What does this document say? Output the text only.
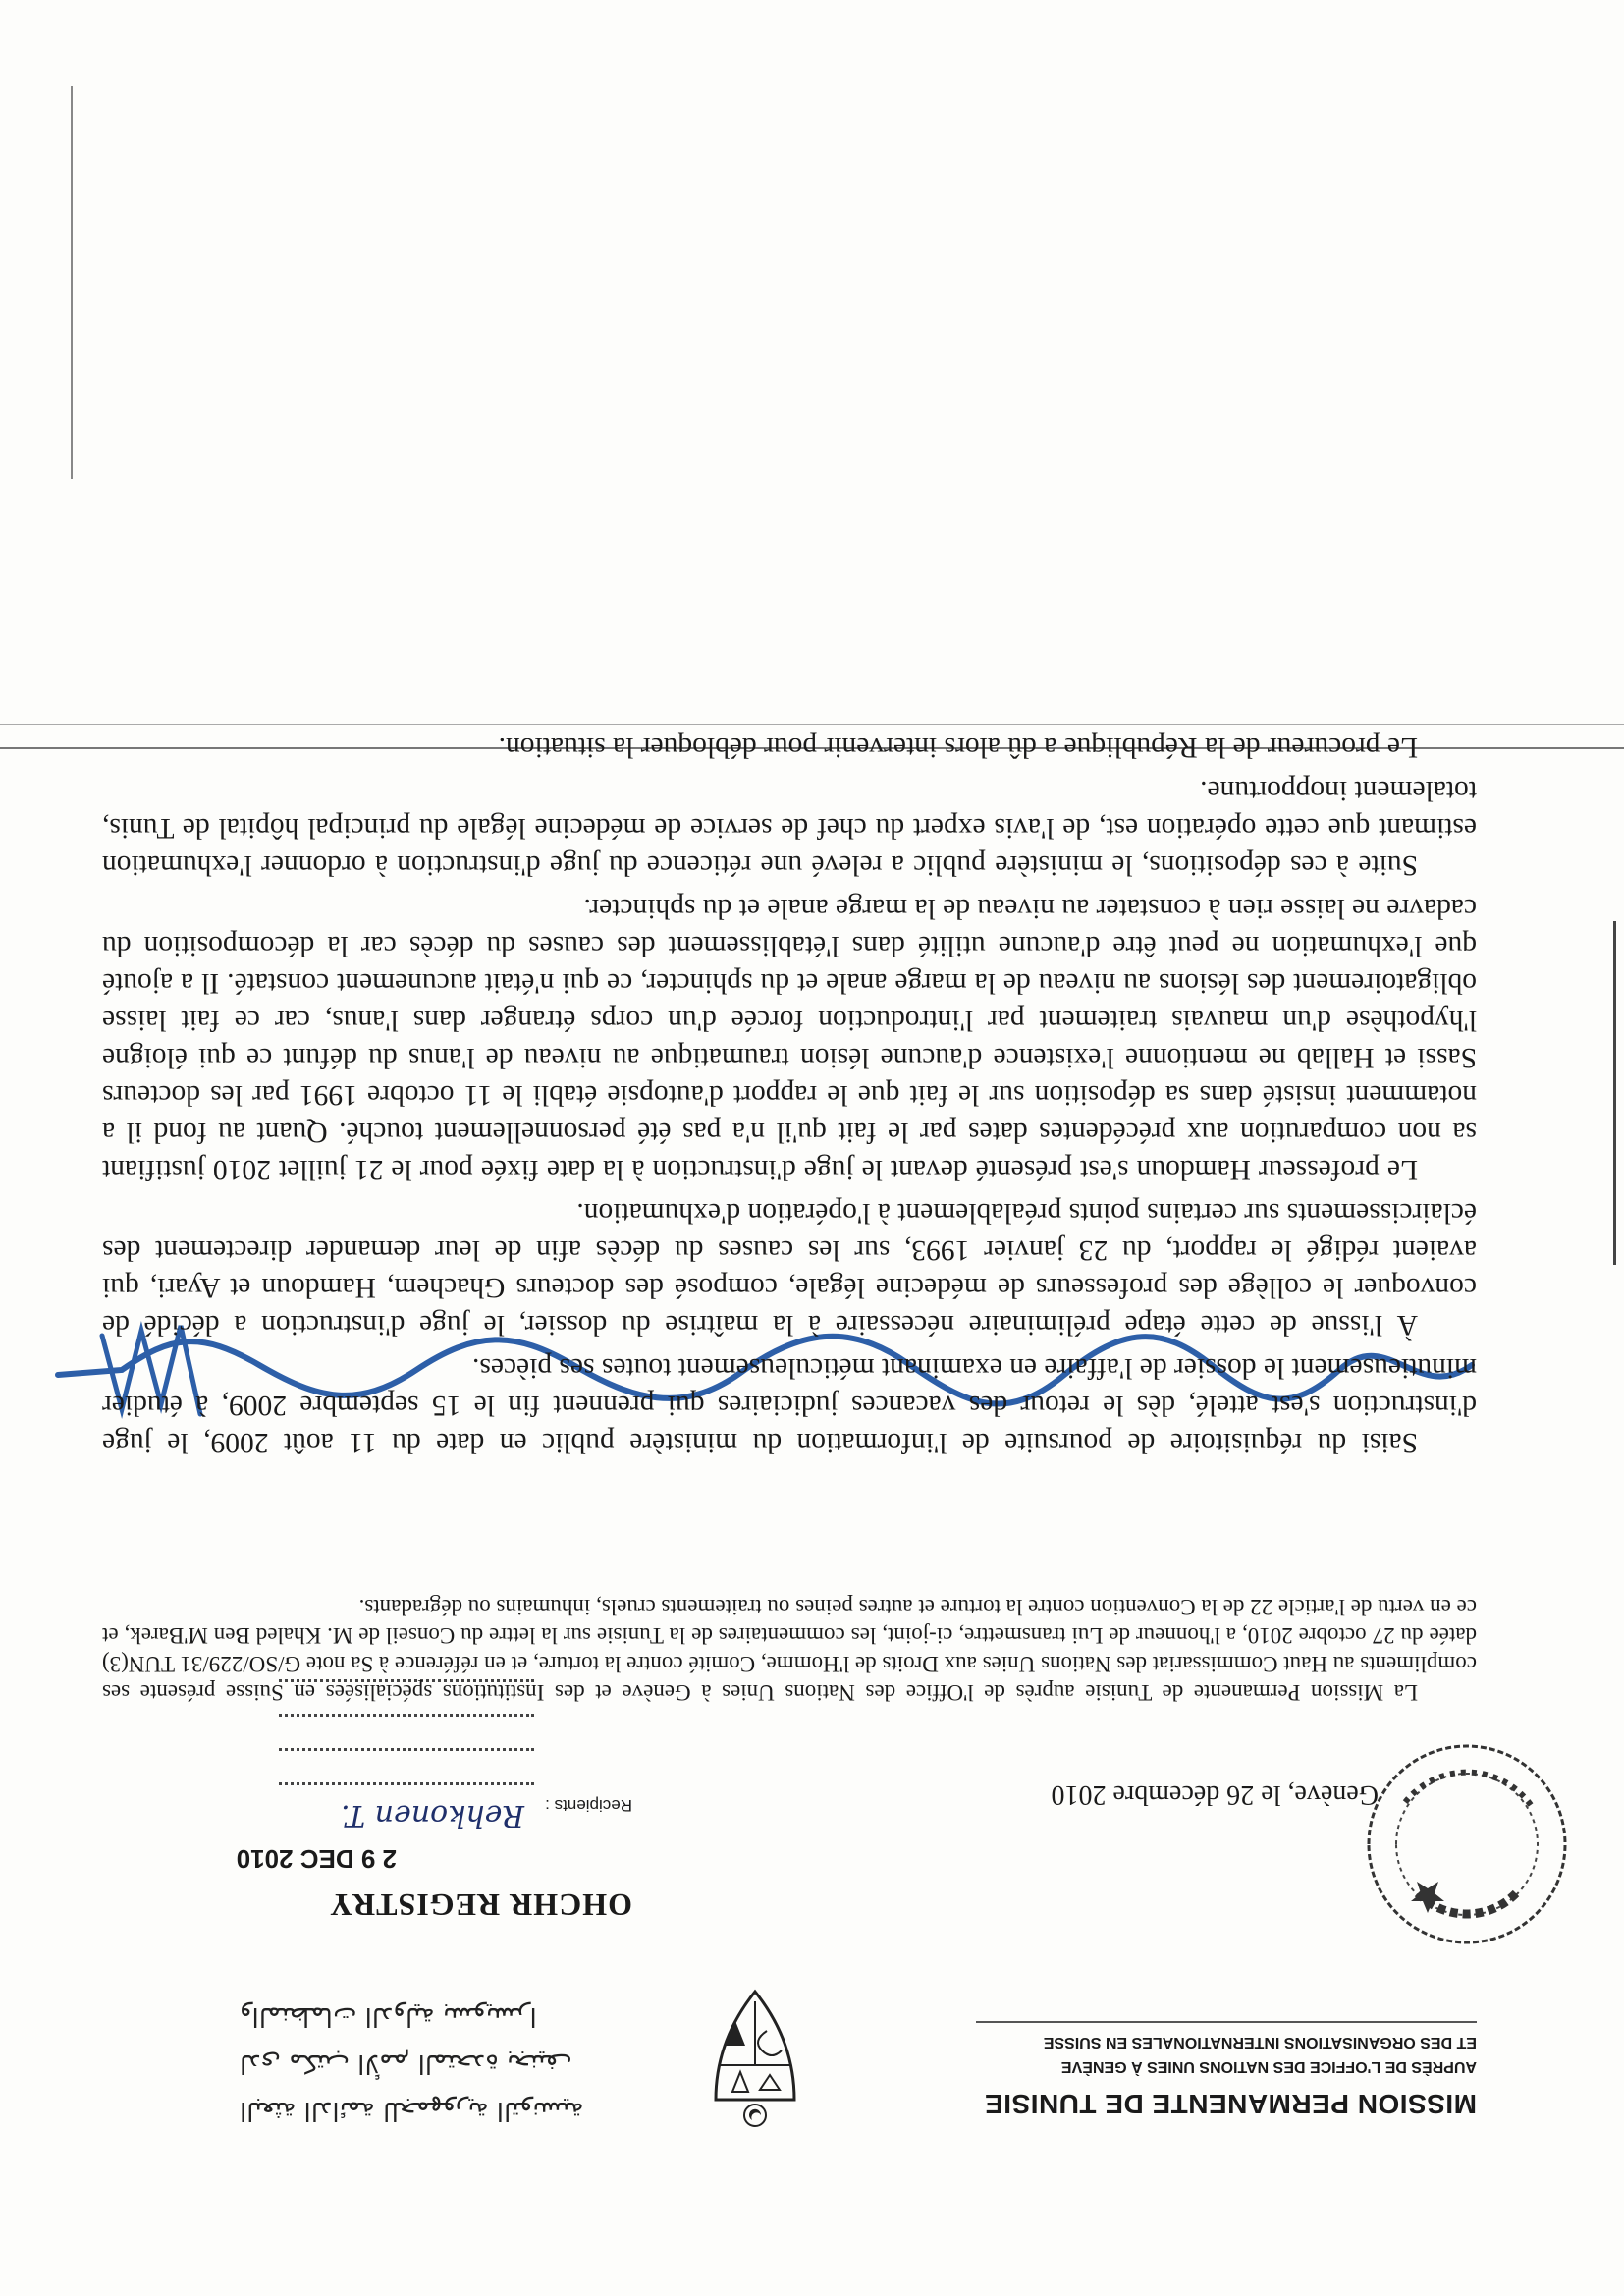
MISSION PERMANENTE DE TUNISIE
AUPRÈS DE L'OFFICE DES NATIONS UNIES À GENÈVE
ET DES ORGANISATIONS INTERNATIONALES EN SUISSE
البعثة الدائمة للجمهورية التونسية
لدى مكتب الأمم المتحدة بجنيف
والمنظمات الدولية بسويسرا
OHCHR REGISTRY
2 9 DEC 2010
Recipients :
Rehkonen T.
Genève, le 26 décembre 2010

La Mission Permanente de Tunisie auprès de l'Office des Nations Unies à Genève et des Institutions spécialisées en Suisse présente ses compliments au Haut Commissariat des Nations Unies aux Droits de l'Homme, Comité contre la torture, et en référence à Sa note G/SO/229/31 TUN(3) datée du 27 octobre 2010, a l'honneur de Lui transmettre, ci-joint, les commentaires de la Tunisie sur la lettre du Conseil de M. Khaled Ben M'Barek, et ce en vertu de l'article 22 de la Convention contre la torture et autres peines ou traitements cruels, inhumains ou dégradants.

Saisi du réquisitoire de poursuite de l'information du ministère public en date du 11 août 2009, le juge d'instruction s'est attelé, dès le retour des vacances judiciaires qui prennent fin le 15 septembre 2009, à étudier minutieusement le dossier de l'affaire en examinant méticuleusement toutes ses pièces.

À l'issue de cette étape préliminaire nécessaire à la maîtrise du dossier, le juge d'instruction a décidé de convoquer le collège des professeurs de médecine légale, composé des docteurs Ghachem, Hamdoun et Ayari, qui avaient rédigé le rapport, du 23 janvier 1993, sur les causes du décès afin de leur demander directement des éclaircissements sur certains points préalablement à l'opération d'exhumation.

Le professeur Hamdoun s'est présenté devant le juge d'instruction à la date fixée pour le 21 juillet 2010 justifiant sa non comparution aux précédentes dates par le fait qu'il n'a pas été personnellement touché. Quant au fond il a notamment insisté dans sa déposition sur le fait que le rapport d'autopsie établi le 11 octobre 1991 par les docteurs Sassi et Hallab ne mentionne l'existence d'aucune lésion traumatique au niveau de l'anus du défunt ce qui éloigne l'hypothèse d'un mauvais traitement par l'introduction forcée d'un corps étranger dans l'anus, car ce fait laisse obligatoirement des lésions au niveau de la marge anale et du sphincter, ce qui n'était aucunement constaté. Il a ajouté que l'exhumation ne peut être d'aucune utilité dans l'établissement des causes du décès car la décomposition du cadavre ne laisse rien à constater au niveau de la marge anale et du sphincter.

Suite à ces dépositions, le ministère public a relevé une réticence du juge d'instruction à ordonner l'exhumation estimant que cette opération est, de l'avis expert du chef de service de médecine légale du principal hôpital de Tunis, totalement inopportune.

Le procureur de la République a dû alors intervenir pour débloquer la situation.
